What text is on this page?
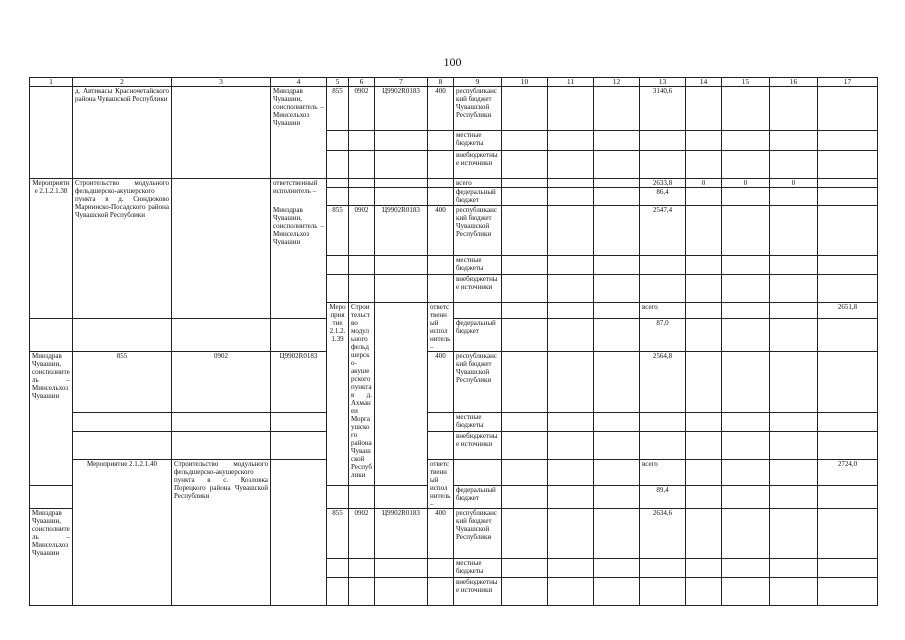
100
1	2	3	4	5	6	7	8	9	10	11	12	13	14	15	16	17	
	д. Автикасы Красночетайского района Чувашской Республики		Минздрав Чувашии, соисполнитель – Минсельхоз Чувашии	855	0902	Ц9902R0183	400	республиканский бюджет Чувашской Республики				3140,6					
								местные бюджеты									
								внебюджетные источники									
Мероприятие 2.1.2.1.38	Строительство модульного фельдшерско-акушерского пункта в д. Сюндюково Мариинско-Посадского района Чувашской Республики		ответственный исполнитель –					всего				2633,8	0	0	0		
								федеральный бюджет				86,4					
			Минздрав Чувашии, соисполнитель – Минсельхоз Чувашии	855	0902	Ц9902R0183	400	республиканский бюджет Чувашской Республики				2547,4					
								местные бюджеты									
								внебюджетные источники									
				Мероприятие 2.1.2.1.39	Строительство модульного фельдшерско-акушерского пункта в д. Ахманеи Моргаушского района Чувашской Республики		ответственный исполнитель –					всего				2651,8				
								федеральный бюджет				87,0					
Минздрав Чувашии, соисполнитель – Минсельхоз Чувашии	855	0902	Ц9902R0183				400	республиканский бюджет Чувашской Республики				2564,8					
								местные бюджеты									
								внебюджетные источники									
	Мероприятие 2.1.2.1.40	Строительство модульного фельдшерско-акушерского пункта в с. Козловка Порецкого района Чувашской Республики					ответственный исполнитель –					всего				2724,0				
								федеральный бюджет				89,4					
Минздрав Чувашии, соисполнитель – Минсельхоз Чувашии				855	0902	Ц9902R0183	400	республиканский бюджет Чувашской Республики				2634,6					
								местные бюджеты									
								внебюджетные источники									
